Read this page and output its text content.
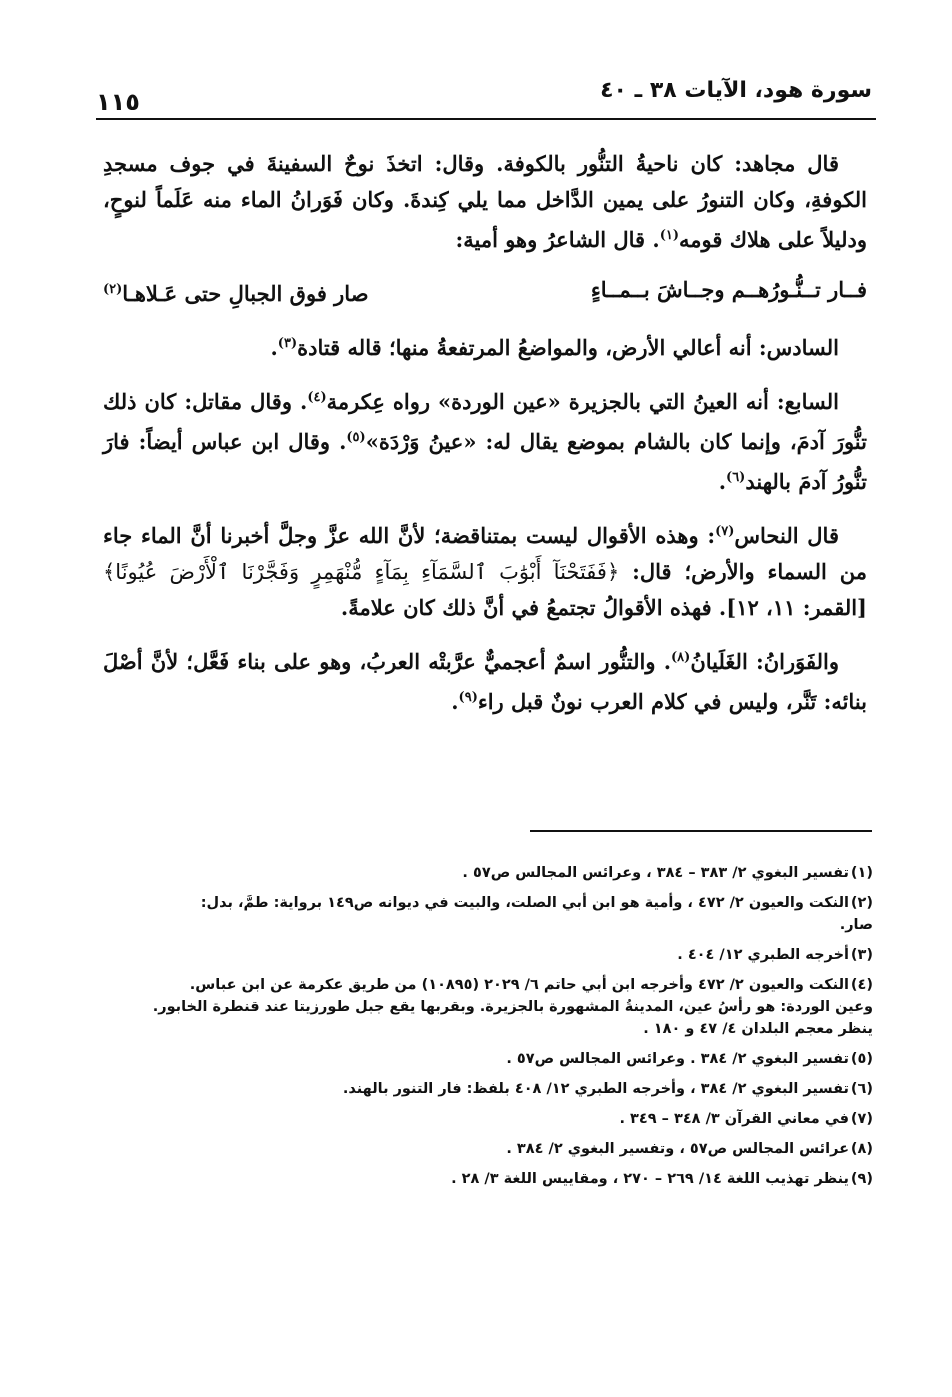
سورة هود، الآيات ٣٨ ـ ٤٠
١١٥

قال مجاهد: كان ناحيةُ التنُّور بالكوفة. وقال: اتخذَ نوحٌ السفينةَ في جوف مسجدِ الكوفةِ، وكان التنورُ على يمين الدَّاخل مما يلي كِندةَ. وكان فَوَرانُ الماء منه عَلَماً لنوحٍ، ودليلاً على هلاك قومه$^{(١)}$. قال الشاعرُ وهو أمية:

فــار تــنُّـورُهــم وجــاشَ بــمــاءٍ
صار فوق الجبالِ حتى عَـلاهـا$^{(٢)}$

السادس: أنه أعالي الأرض، والمواضعُ المرتفعةُ منها؛ قاله قتادة$^{(٣)}$.

السابع: أنه العينُ التي بالجزيرة «عين الوردة» رواه عِكرمة$^{(٤)}$. وقال مقاتل: كان ذلك تنُّورَ آدمَ، وإنما كان بالشام بموضع يقال له: «عينُ وَرْدَة»$^{(٥)}$. وقال ابن عباس أيضاً: فارَ تنُّورُ آدمَ بالهند$^{(٦)}$.

قال النحاس$^{(٧)}$: وهذه الأقوال ليست بمتناقضة؛ لأنَّ الله عزَّ وجلَّ أخبرنا أنَّ الماء جاء من السماء والأرض؛ قال: ﴿فَفَتَحْنَآ أَبْوَٰبَ ٱلسَّمَآءِ بِمَآءٍ مُّنْهَمِرٍ وَفَجَّرْنَا ٱلْأَرْضَ عُيُونًا﴾ [القمر: ١١، ١٢]. فهذه الأقوالُ تجتمعُ في أنَّ ذلك كان علامةً.

والفَوَرانُ: الغَلَيانُ$^{(٨)}$. والتنُّور اسمٌ أعجميٌّ عرَّبتْه العربُ، وهو على بناء فَعَّل؛ لأنَّ أصْلَ بنائه: تَنَّر، وليس في كلام العرب نونٌ قبل راء$^{(٩)}$.

(١)تفسير البغوي ٢/ ٣٨٣ – ٣٨٤ ، وعرائس المجالس ص٥٧ .
(٢)النكت والعيون ٢/ ٤٧٢ ، وأمية هو ابن أبي الصلت، والبيت في ديوانه ص١٤٩ برواية: طمَّ، بدل:
صار.
(٣)أخرجه الطبري ١٢/ ٤٠٤ .
(٤)النكت والعيون ٢/ ٤٧٢ وأخرجه ابن أبي حاتم ٦/ ٢٠٢٩ (١٠٨٩٥) من طريق عكرمة عن ابن عباس.
وعين الوردة: هو رأسُ عين، المدينةُ المشهورة بالجزيرة. وبقربها يقع جبل طورزيتا عند قنطرة الخابور.
ينظر معجم البلدان ٤/ ٤٧ و ١٨٠ .
(٥)تفسير البغوي ٢/ ٣٨٤ . وعرائس المجالس ص٥٧ .
(٦)تفسير البغوي ٢/ ٣٨٤ ، وأخرجه الطبري ١٢/ ٤٠٨ بلفظ: فار التنور بالهند.
(٧)في معاني القرآن ٣/ ٣٤٨ – ٣٤٩ .
(٨)عرائس المجالس ص٥٧ ، وتفسير البغوي ٢/ ٣٨٤ .
(٩)ينظر تهذيب اللغة ١٤/ ٢٦٩ – ٢٧٠ ، ومقاييس اللغة ٣/ ٢٨ .
